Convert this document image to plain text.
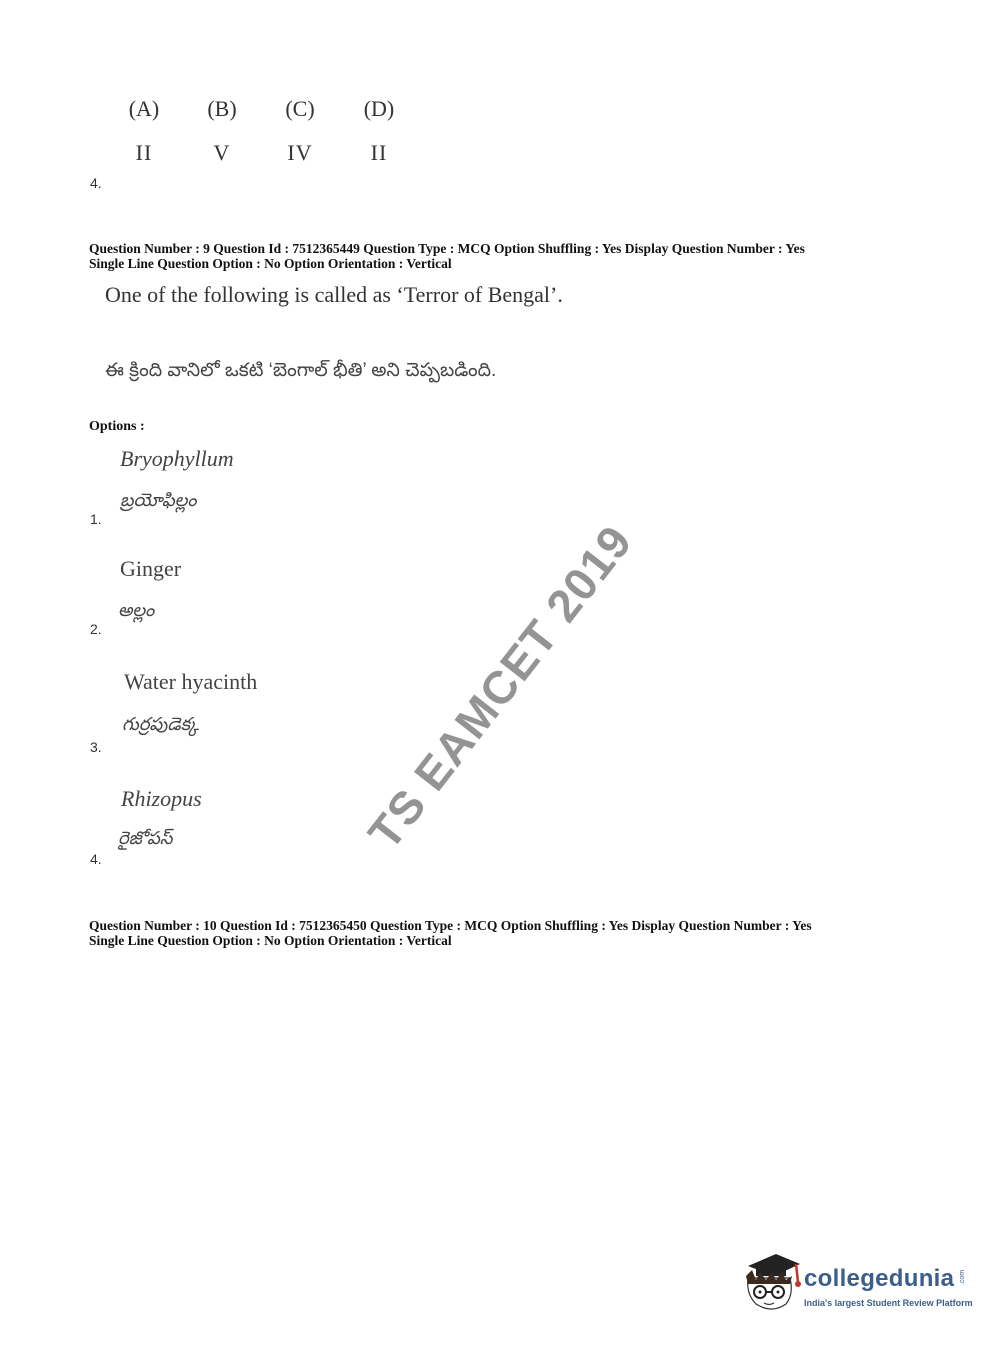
(A)	(B)	(C)	(D)
II	V	IV	II
4.
Question Number : 9 Question Id : 7512365449 Question Type : MCQ Option Shuffling : Yes Display Question Number : Yes
Single Line Question Option : No Option Orientation : Vertical
One of the following is called as ‘Terror of Bengal’.
ఈ క్రింది వానిలో ఒకటి ‘బెంగాల్ భీతి’ అని చెప్పబడింది.
Options :
Bryophyllum
బ్రయోఫిల్లం
1.
Ginger
అల్లం
2.
Water hyacinth
గుర్రపుడెక్క
3.
Rhizopus
రైజోపస్
4.
TS EAMCET 2019
Question Number : 10 Question Id : 7512365450 Question Type : MCQ Option Shuffling : Yes Display Question Number : Yes
Single Line Question Option : No Option Orientation : Vertical
collegedunia .com
India's largest Student Review Platform
